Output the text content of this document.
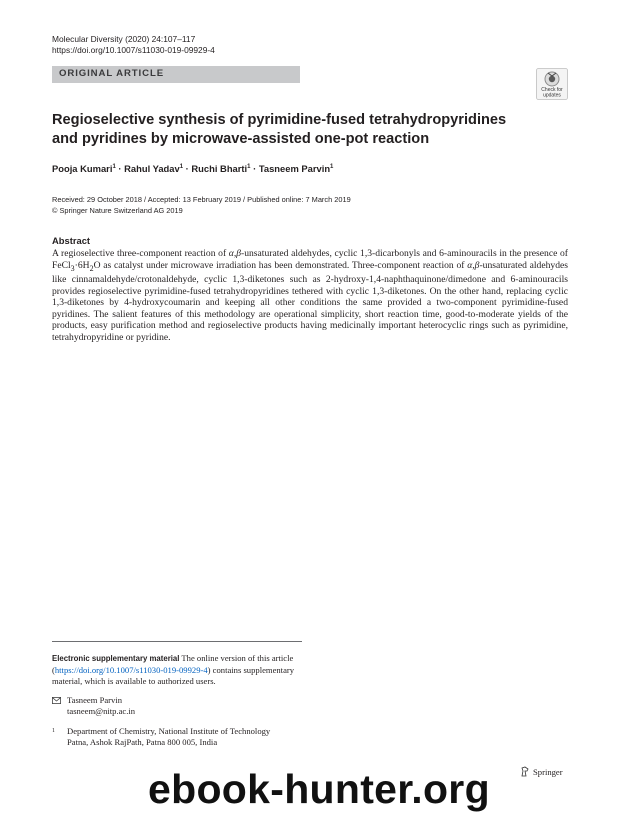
Molecular Diversity (2020) 24:107–117
https://doi.org/10.1007/s11030-019-09929-4
ORIGINAL ARTICLE
Check for
updates
Regioselective synthesis of pyrimidine-fused tetrahydropyridines
and pyridines by microwave-assisted one-pot reaction
Pooja Kumari$^1$ · Rahul Yadav$^1$ · Ruchi Bharti$^1$ · Tasneem Parvin$^1$
Received: 29 October 2018 / Accepted: 13 February 2019 / Published online: 7 March 2019
© Springer Nature Switzerland AG 2019
Abstract
A regioselective three-component reaction of α,β-unsaturated aldehydes, cyclic 1,3-dicarbonyls and 6-aminouracils in the presence of $FeCl_3\cdot 6H_2O$ as catalyst under microwave irradiation has been demonstrated. Three-component reaction of α,β-unsaturated aldehydes like cinnamaldehyde/crotonaldehyde, cyclic 1,3-diketones such as 2-hydroxy-1,4-naphthaquinone/dimedone and 6-aminouracils provides regioselective pyrimidine-fused tetrahydropyridines tethered with cyclic 1,3-diketones. On the other hand, replacing cyclic 1,3-diketones by 4-hydroxycoumarin and keeping all other conditions the same provided a two-component pyrimidine-fused pyridines. The salient features of this methodology are operational simplicity, short reaction time, good-to-moderate yields of the products, easy purification method and regioselective products having medicinally important heterocyclic rings such as pyrimidine, tetrahydropyridine or pyridine.
Electronic supplementary material The online version of this article (https://doi.org/10.1007/s11030-019-09929-4) contains supplementary material, which is available to authorized users.
Tasneem Parvin
tasneem@nitp.ac.in
1	Department of Chemistry, National Institute of Technology
Patna, Ashok RajPath, Patna 800 005, India
Springer
ebook-hunter.org
